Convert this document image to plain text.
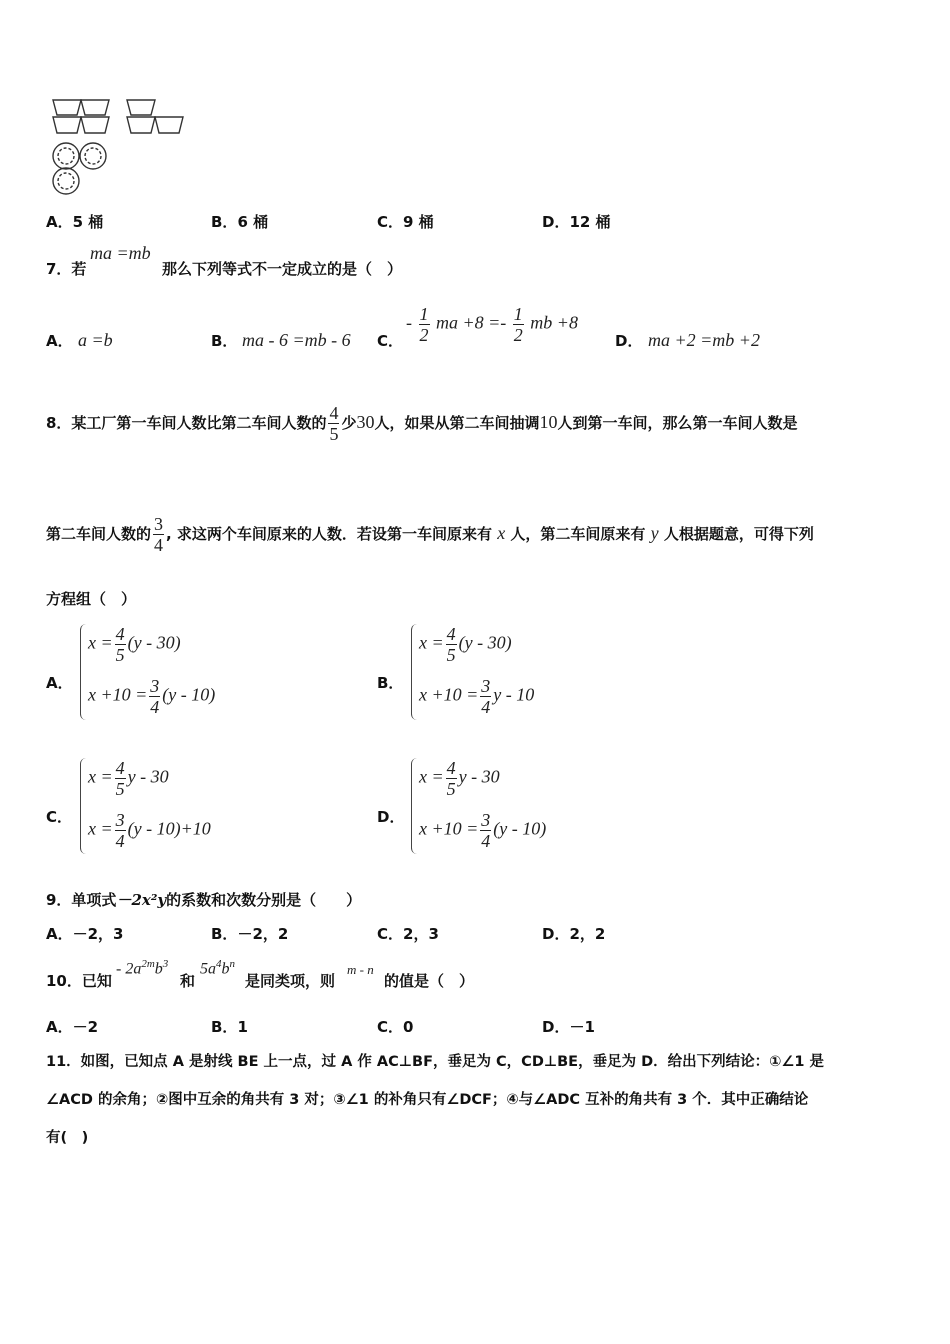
A．5 桶	B．6 桶	C．9 桶	D．12 桶
7．若
ma =mb
那么下列等式不一定成立的是（　）
A． a =b	B． ma - 6 =mb - 6 C．
- $\frac{1}{2}$ ma $+8 =- \frac{1}{2}$ mb +8
D． ma +2 =mb +2
8．某工厂第一车间人数比第二车间人数的 $\frac{4}{5}$ 少30人，如果从第二车间抽调10人到第一车间，那么第一车间人数是
第二车间人数的 $\frac{3}{4}$ , 求这两个车间原来的人数．若设第一车间原来有 x 人，第二车间原来有 y 人根据题意，可得下列
方程组（　）
A．
$x = \frac{4}{5} (y - 30)$
$x +10 = \frac{3}{4} (y - 10)$
B．
$x = \frac{4}{5} (y - 30)$
$x +10 = \frac{3}{4}$ y - 10
C．
$x = \frac{4}{5}$ y - 30
$x = \frac{3}{4} (y - 10)+10$
D．
$x = \frac{4}{5}$ y - 30
$x +10 = \frac{3}{4} (y - 10)$
9．单项式－2x²y的系数和次数分别是（　　）
A．－2，3	B．－2，2	C．2，3	D．2，2
10．已知
- $2a^{2m}b^3$
和
$5a^4b^n$
是同类项，则
m - n
的值是（　）
A．－2	B．1	C．0	D．－1
11．如图，已知点 A 是射线 BE 上一点，过 A 作 AC⊥BF，垂足为 C，CD⊥BE，垂足为 D．给出下列结论：①∠1 是
∠ACD 的余角；②图中互余的角共有 3 对；③∠1 的补角只有∠DCF；④与∠ADC 互补的角共有 3 个．其中正确结论
有(　)
